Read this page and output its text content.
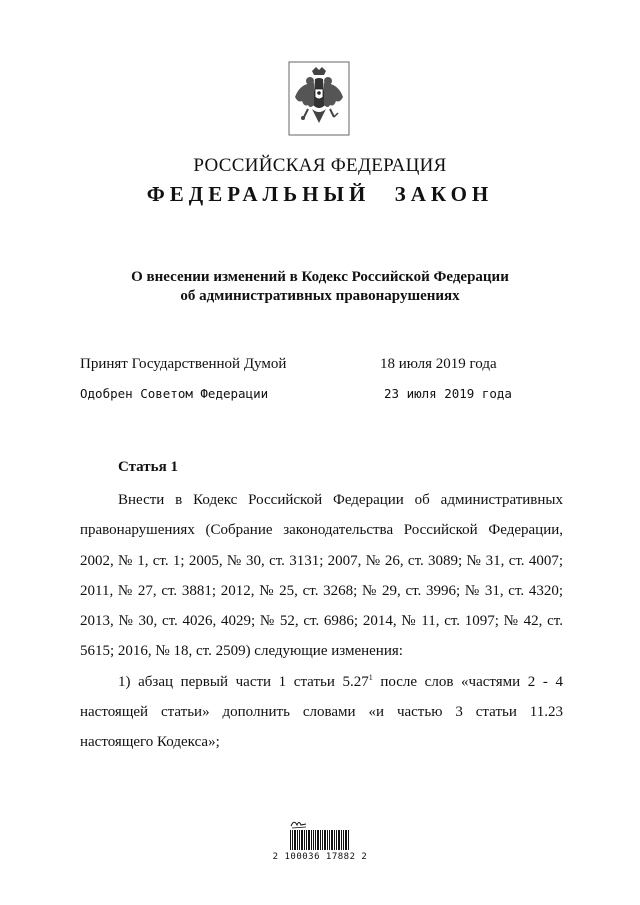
РОССИЙСКАЯ ФЕДЕРАЦИЯ
ФЕДЕРАЛЬНЫЙ ЗАКОН
О внесении изменений в Кодекс Российской Федерации
об административных правонарушениях
Принят Государственной Думой	18 июля 2019 года
Одобрен Советом Федерации	23 июля 2019 года
Статья 1

Внести в Кодекс Российской Федерации об административных правонарушениях (Собрание законодательства Российской Федерации, 2002, № 1, ст. 1; 2005, № 30, ст. 3131; 2007, № 26, ст. 3089; № 31, ст. 4007; 2011, № 27, ст. 3881; 2012, № 25, ст. 3268; № 29, ст. 3996; № 31, ст. 4320; 2013, № 30, ст. 4026, 4029; № 52, ст. 6986; 2014, № 11, ст. 1097; № 42, ст. 5615; 2016, № 18, ст. 2509) следующие изменения:

1) абзац первый части 1 статьи 5.27$^1$ после слов «частями 2 - 4 настоящей статьи» дополнить словами «и частью 3 статьи 11.23 настоящего Кодекса»;

2 100036 17882 2
